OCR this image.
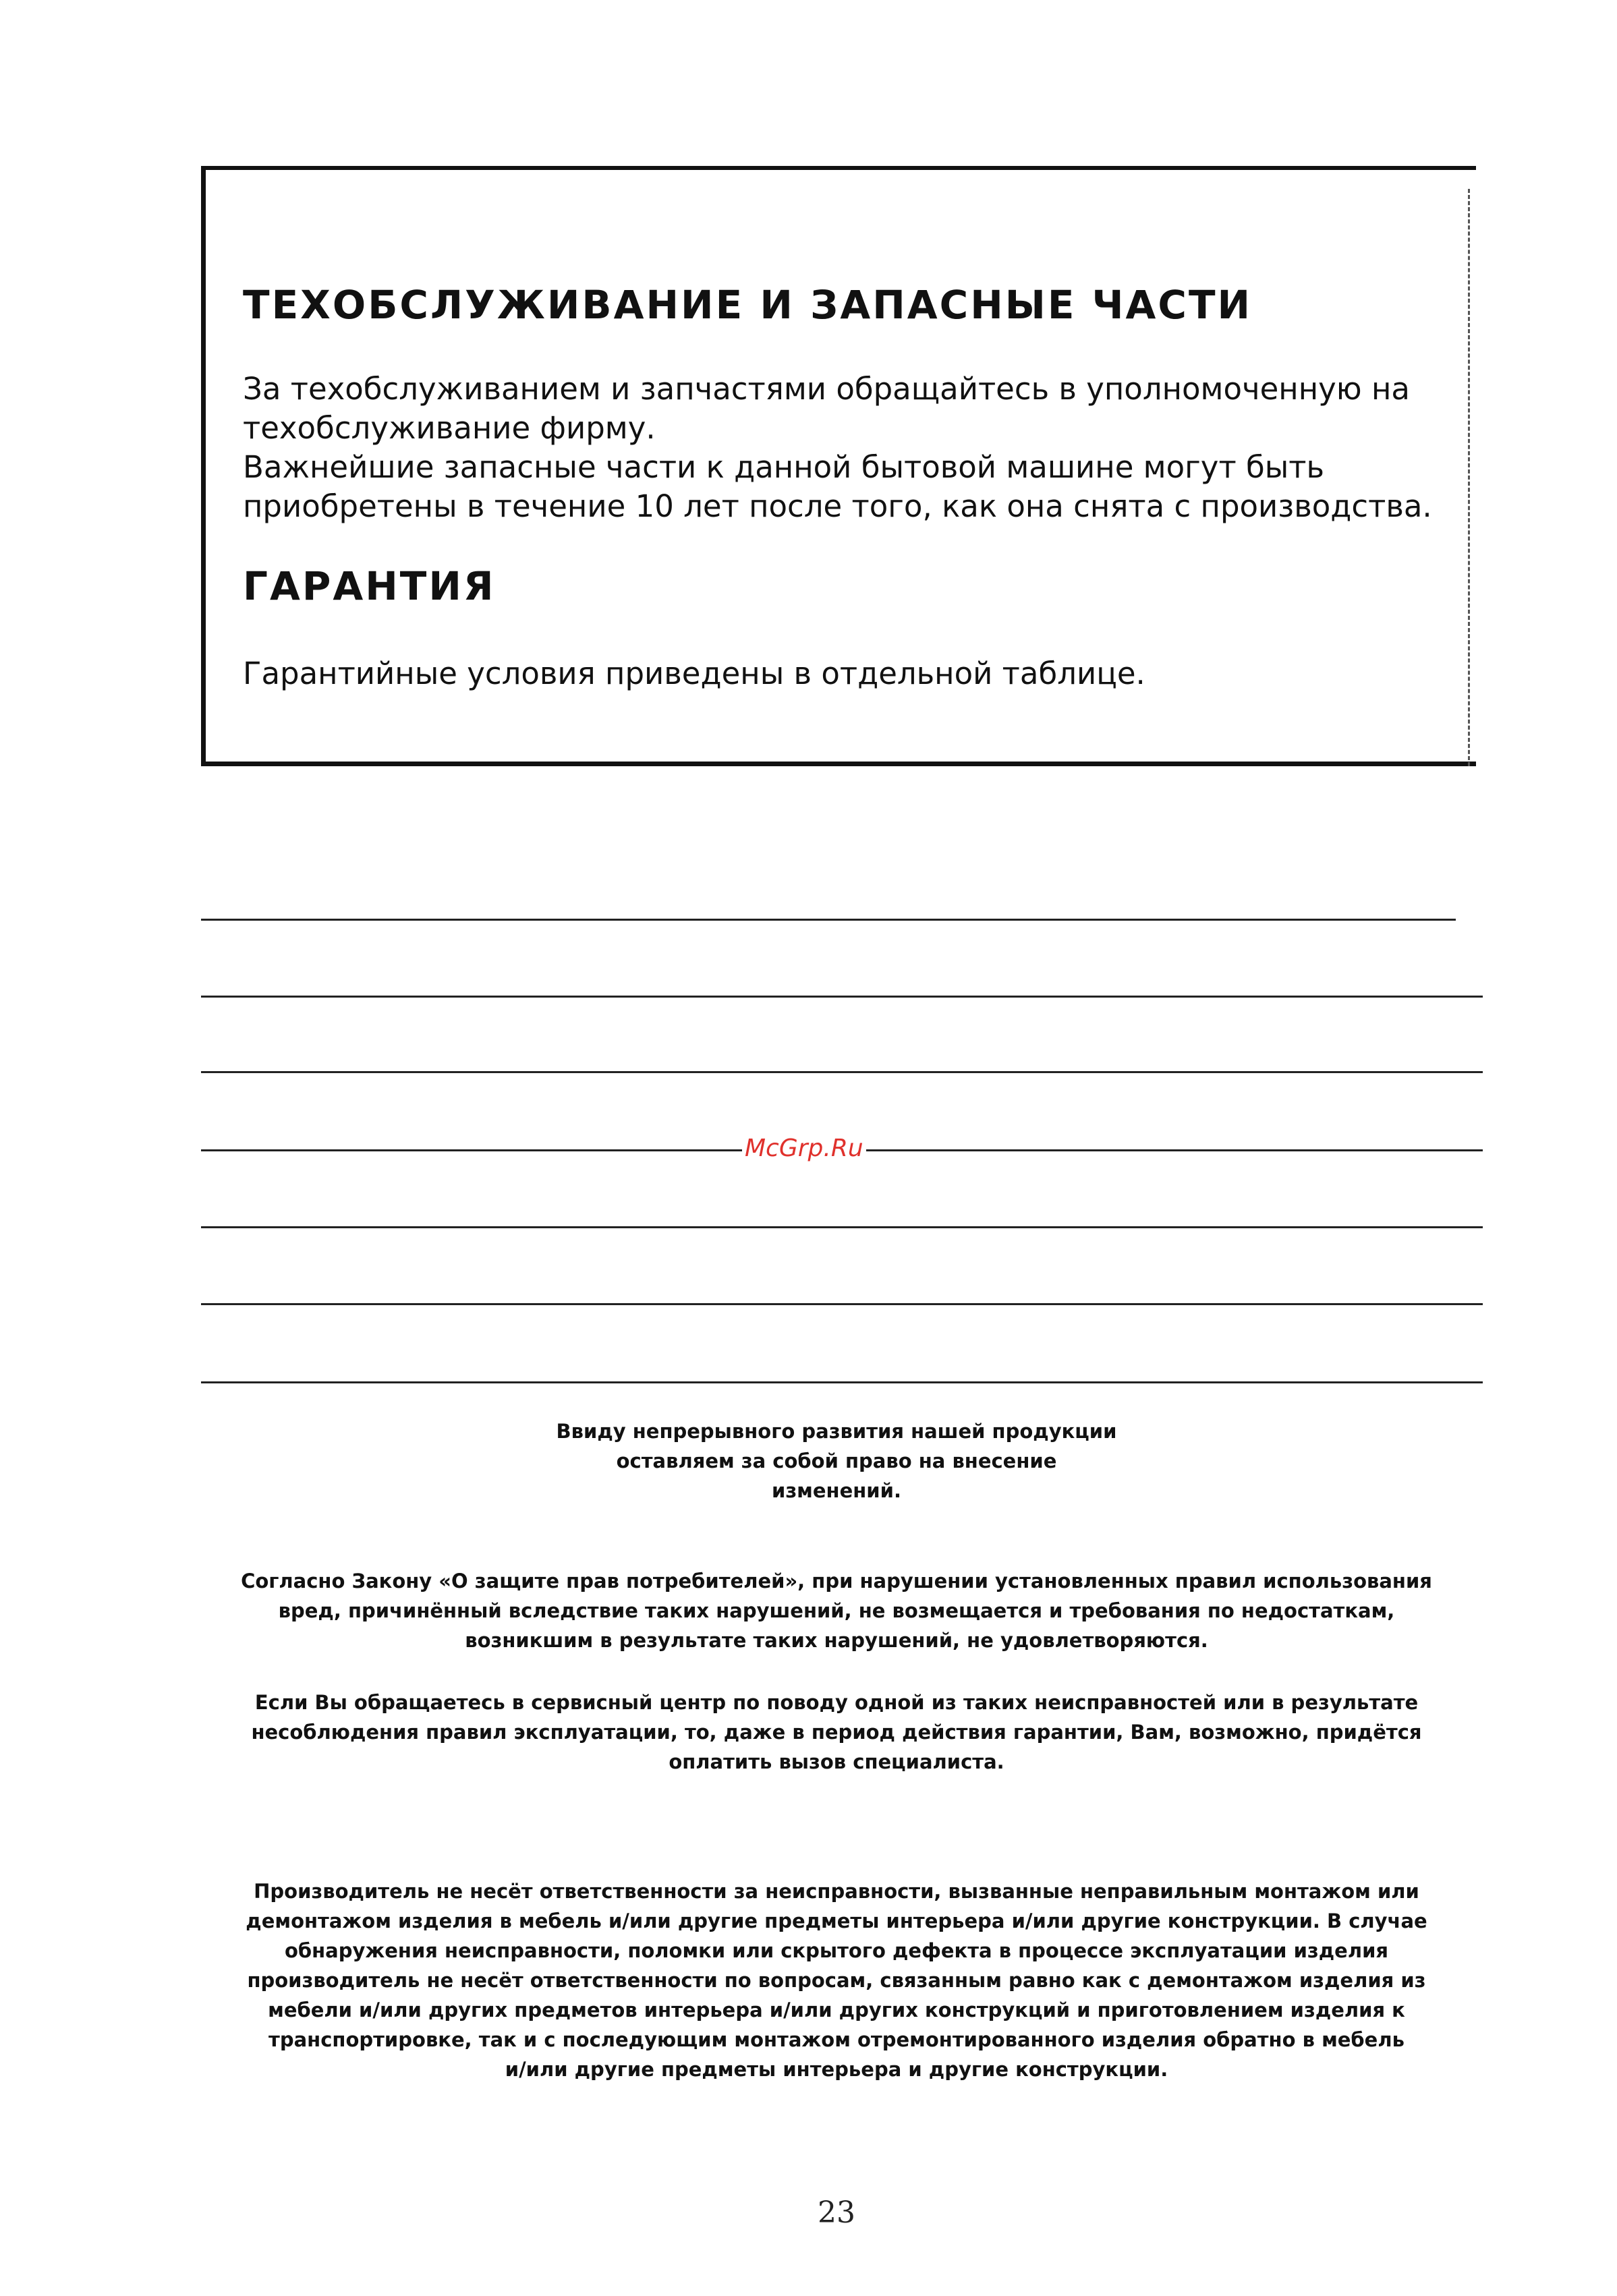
ТЕХОБСЛУЖИВАНИЕ И ЗАПАСНЫЕ ЧАСТИ
За техобслуживанием и запчастями обращайтесь в уполномоченную на
техобслуживание фирму.
Важнейшие запасные части к данной бытовой машине могут быть
приобретены в течение 10 лет после того, как она снята с производства.
ГАРАНТИЯ
Гарантийные условия приведены в отдельной таблице.
McGrp.Ru
Ввиду непрерывного развития нашей продукции
оставляем за собой право на внесение
изменений.
Согласно Закону «О защите прав потребителей», при нарушении установленных правил использования
вред, причинённый вследствие таких нарушений, не возмещается и требования по недостаткам,
возникшим в результате таких нарушений, не удовлетворяются.
Если Вы обращаетесь в сервисный центр по поводу одной из таких неисправностей или в результате
несоблюдения правил эксплуатации, то, даже в период действия гарантии, Вам, возможно, придётся
оплатить вызов специалиста.
Производитель не несёт ответственности за неисправности, вызванные неправильным монтажом или
демонтажом изделия в мебель и/или другие предметы интерьера и/или другие конструкции. В случае
обнаружения неисправности, поломки или скрытого дефекта в процессе эксплуатации изделия
производитель не несёт ответственности по вопросам, связанным равно как с демонтажом изделия из
мебели и/или других предметов интерьера и/или других конструкций и приготовлением изделия к
транспортировке, так и с последующим монтажом отремонтированного изделия обратно в мебель
и/или другие предметы интерьера и другие конструкции.
23
